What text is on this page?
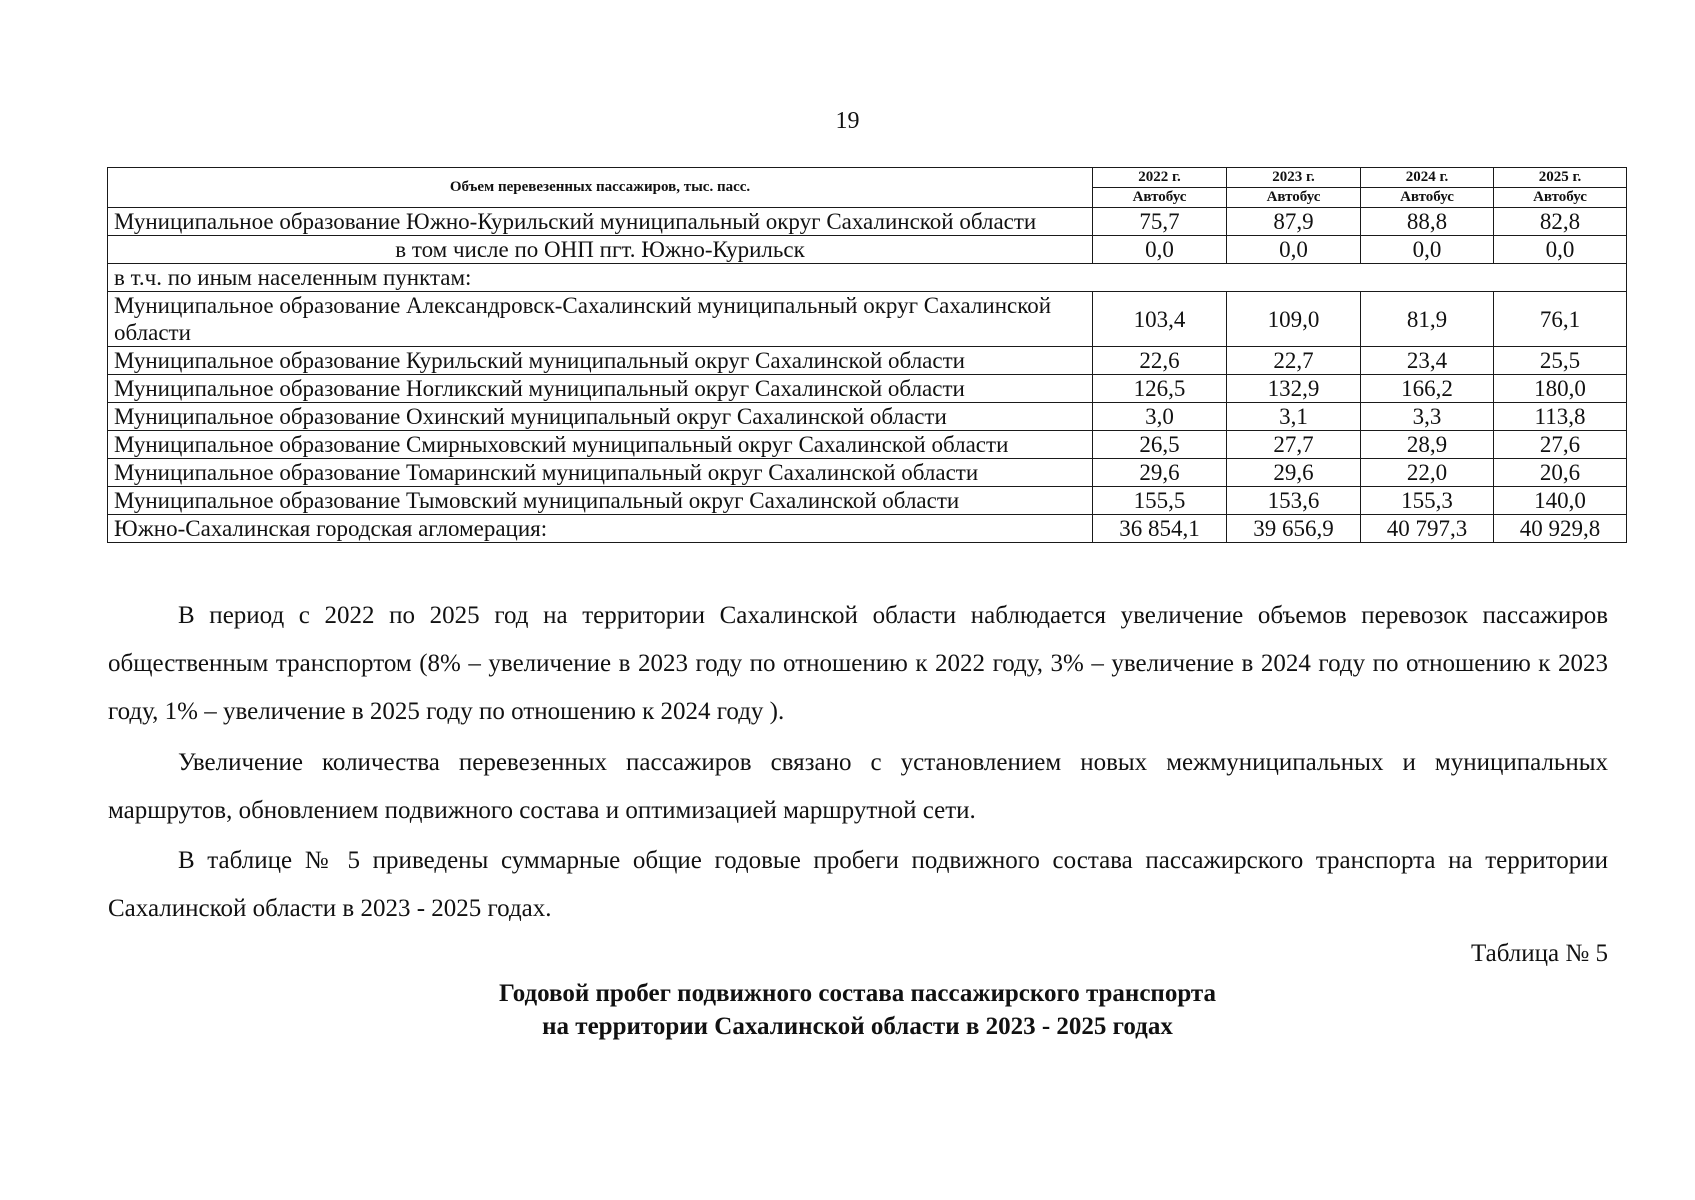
19
Объем перевезенных пассажиров, тыс. пасс.	2022 г.	2023 г.	2024 г.	2025 г.
	Автобус	Автобус	Автобус	Автобус
Муниципальное образование Южно-Курильский муниципальный округ Сахалинской области	75,7	87,9	88,8	82,8
в том числе по ОНП пгт. Южно-Курильск	0,0	0,0	0,0	0,0
в т.ч. по иным населенным пунктам:				
Муниципальное образование Александровск-Сахалинский муниципальный округ Сахалинской области	103,4	109,0	81,9	76,1
Муниципальное образование Курильский муниципальный округ Сахалинской области	22,6	22,7	23,4	25,5
Муниципальное образование Ногликский муниципальный округ Сахалинской области	126,5	132,9	166,2	180,0
Муниципальное образование Охинский муниципальный округ Сахалинской области	3,0	3,1	3,3	113,8
Муниципальное образование Смирныховский муниципальный округ Сахалинской области	26,5	27,7	28,9	27,6
Муниципальное образование Томаринский муниципальный округ Сахалинской области	29,6	29,6	22,0	20,6
Муниципальное образование Тымовский муниципальный округ Сахалинской области	155,5	153,6	155,3	140,0
Южно-Сахалинская городская агломерация:	36 854,1	39 656,9	40 797,3	40 929,8

В период с 2022 по 2025 год на территории Сахалинской области наблюдается увеличение объемов перевозок пассажиров общественным транспортом (8% – увеличение в 2023 году по отношению к 2022 году, 3% – увеличение в 2024 году по отношению к 2023 году, 1% – увеличение в 2025 году по отношению к 2024 году ).

Увеличение количества перевезенных пассажиров связано с установлением новых межмуниципальных и муниципальных маршрутов, обновлением подвижного состава и оптимизацией маршрутной сети.

В таблице № 5 приведены суммарные общие годовые пробеги подвижного состава пассажирского транспорта на территории Сахалинской области в 2023 - 2025 годах.

Таблица № 5
Годовой пробег подвижного состава пассажирского транспорта
на территории Сахалинской области в 2023 - 2025 годах
